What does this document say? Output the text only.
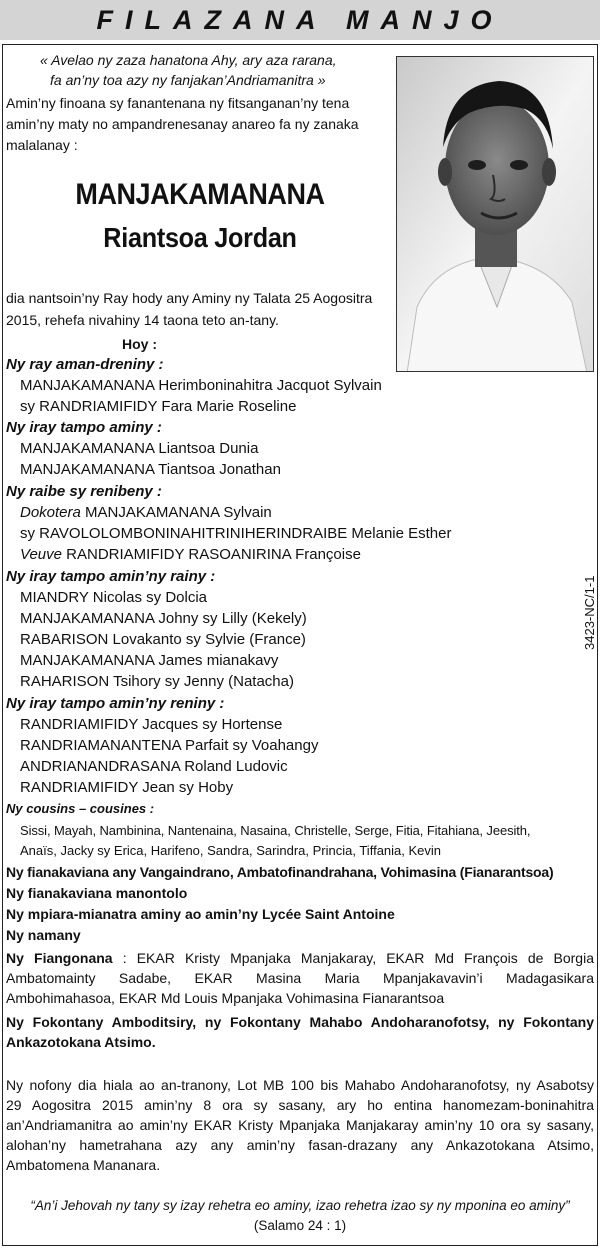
FILAZANA MANJO
« Avelao ny zaza hanatona Ahy, ary aza rarana,
fa an’ny toa azy ny fanjakan’Andriamanitra »
Amin’ny finoana sy fanantenana ny fitsanganan’ny tena
amin’ny maty no ampandrenesanay anareo fa ny zanaka
malalanay :
MANJAKAMANANA
Riantsoa Jordan
dia nantsoin’ny Ray hody any Aminy ny Talata 25 Aogositra
2015, rehefa nivahiny 14 taona teto an-tany.
Hoy :
Ny ray aman-dreniny :
MANJAKAMANANA Herimboninahitra Jacquot Sylvain
sy RANDRIAMIFIDY Fara Marie Roseline
Ny iray tampo aminy :
MANJAKAMANANA Liantsoa Dunia
MANJAKAMANANA Tiantsoa Jonathan
Ny raibe sy renibeny :
Dokotera MANJAKAMANANA Sylvain
sy RAVOLOLOMBONINAHITRINIHERINDRAIBE Melanie Esther
Veuve RANDRIAMIFIDY RASOANIRINA Françoise
Ny iray tampo amin’ny rainy :
MIANDRY Nicolas sy Dolcia
MANJAKAMANANA Johny sy Lilly (Kekely)
RABARISON Lovakanto sy Sylvie (France)
MANJAKAMANANA James mianakavy
RAHARISON Tsihory sy Jenny (Natacha)
Ny iray tampo amin’ny reniny :
RANDRIAMIFIDY Jacques sy Hortense
RANDRIAMANANTENA Parfait sy Voahangy
ANDRIANANDRASANA Roland Ludovic
RANDRIAMIFIDY Jean sy Hoby
Ny cousins – cousines :
Sissi, Mayah, Nambinina, Nantenaina, Nasaina, Christelle, Serge, Fitia, Fitahiana, Jeesith,
Anaïs, Jacky sy Erica, Harifeno, Sandra, Sarindra, Princia, Tiffania, Kevin
Ny fianakaviana any Vangaindrano, Ambatofinandrahana, Vohimasina (Fianarantsoa)
Ny fianakaviana manontolo
Ny mpiara-mianatra aminy ao amin’ny Lycée Saint Antoine
Ny namany
Ny Fiangonana : EKAR Kristy Mpanjaka Manjakaray, EKAR Md François de Borgia
Ambatomainty Sadabe, EKAR Masina Maria Mpanjakavavin’i Madagasikara
Ambohimahasoa, EKAR Md Louis Mpanjaka Vohimasina Fianarantsoa
Ny Fokontany Amboditsiry, ny Fokontany Mahabo Andoharanofotsy, ny Fokontany
Ankazotokana Atsimo.
Ny nofony dia hiala ao an-tranony, Lot MB 100 bis Mahabo Andoharanofotsy, ny Asabotsy
29 Aogositra 2015 amin’ny 8 ora sy sasany, ary ho entina hanomezam-boninahitra
an’Andriamanitra ao amin’ny EKAR Kristy Mpanjaka Manjakaray amin’ny 10 ora sy sasany,
alohan’ny hametrahana azy any amin’ny fasan-drazany any Ankazotokana Atsimo,
Ambatomena Mananara.
“An’i Jehovah ny tany sy izay rehetra eo aminy, izao rehetra izao sy ny mponina eo aminy”
(Salamo 24 : 1)
3423-NC/1-1
